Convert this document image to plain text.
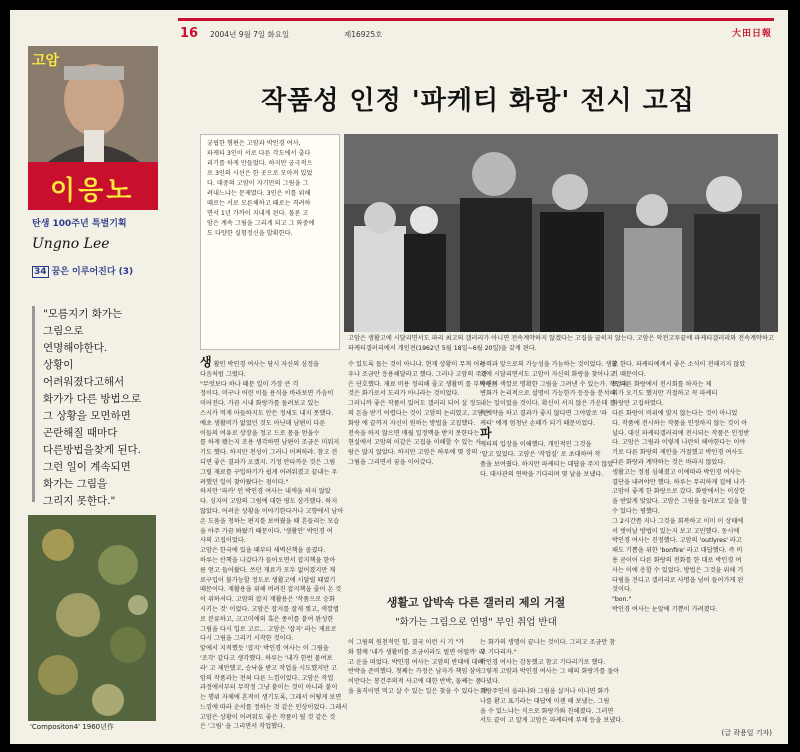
16 2004년 9월 7일 화요일	제16925호	大田日報
고암
이응노
탄생 100주년 특별기획
Ungno Lee
34 꿈은 이루어진다 (3)
"모름지기 화가는
그림으로
연명해야한다.
상황이
어려워졌다고해서
화가가 다른 방법으로
그 상황을 모면하면
곤란해질 때마다
다른방법을찾게 된다.
그런 일이 계속되면
화가는 그림을
그리지 못한다."
'Compositon4' 1960년作
작품성 인정 '파케티 화랑' 전시 고집
궁핍한 형편은 고암과 박인경 여사,
파케티 3인이 서로 다른 각도에서 출다
리기를 하게 만들었다. 하지만 궁극적으
로 3인의 시선은 한 곳으로 모아져 있었
다. 대중의 고암이 자기만의 그림을 그
려내느냐는 문제였다. 3인은 이를 위해
때로는 서로 모른체하고 때로는 격려하
면서 1년 가까이 지내게 된다. 물론 고
암은 계속 그림을 그리게 되고 그 와중에
도 다양한 실험정신을 발휘한다.
고암은 생활고에 시달리면서도 파리 최고의 갤러리가 아니면 전속계약하지 않겠다는 고집을 굽히지 않는다. 고암은 악전고투끝에 파케티갤러리와 전속계약하고 파케티갤러리에서 개인전(1962년 5월 18일~6월 20일)을 갖게 된다.
생 활인 박인경 여사는 당시 자신의 심정을
다음처럼 그렸다.
"무엇보다 하나 때문 일이 가장 큰 걱
정이다. 미구나 어린 이들 용식을 바라보면 가슴이
미어진다. 가끔 시내 화랑가를 돌려보고 있는
스시카 먹게 아들하지도 안든 정세도 내지 못했다.
예초 생활비가 없었던 것도 아닌데 남편이 다른
이들의 여유로 상장을 정고 드로 몸을 얻을수
를 하게 됐는지 조용 생각하면 남편이 조금은 미워지
기도 했다. 하지만 천성이 그러니 어쩌하랴. 참고 견
디면 좋은 결과가 오겠지. 기정 안타까운 것은 그림
그릴 재료를 구입하기가 쉽게 어려워졌고 끝내는 우
려했던 일이 찾아왔다는 점이다."
하지만 '파카' 인 박인경 여사는 내색을 하지 않았
다. 싱지어 고암의 그림에 대한 평도 삼가했다. 하지
않았다. 어려운 상황을 이야기한다거나 고향에서 남아
온 도움을 청하는 편지를 보여줬을 때 흔들리는 모습
을 아주 가끔 봐왔기 때문이다. '생활인' 박인경 여
사의 고집이었다.
고암은 한국에 있을 때부터 새벽산책을 즐겼다.
하루는 산책을 나갔다가 들어오면서 잡지책을 한아
름 얻고 들어왔다. 쓰던 재료가 모두 없어졌지만 재
료구입이 불가능할 정도로 생활고에 시달릴 때였기
때문이다. 재활용을 위해 버려진 잡지책을 줄어 온 것
이 위하셔다. 고암의 잡지 재활용은 '작품으로 승화
시키는 것' 이었다. 고암은 잡지를 잘게 찢고, 색깔별
로 분류하고, 크고미에의 혹은 종이를 붙여 완성한
그림을 다시 입로 고르... 고암은 '잡지' 라는 재료로
다시 그림을 그리기 시작한 것이다.
앞에서 지적했듯 '잡지' 박인경 여사는 이 그림을
'조각' 같다고 생각했다. 하루는 '내가 한번 붙여보
라' 고 제안했고, 승낙을 받고 작업을 시도했지만 고
암의 작품과는 전혀 다른 느낌이었다. 고암은 작업
과정에서부터 무작정 그냥 붙이는 것이 아니라 붙이
는 행위 자체에 흔적이 생기도록, 그래서 어떻게 보면
느낌에 따라 순서를 정하는 것 같은 인상이었다. 그래서
고암은 상황이 어려워도 좋은 작품이 될 것 같은 것
은 '그림' 을 그리면서 작업했다.
수 있도록 돕는 것이 아니냐. 현재 상황이 무척 어려
우나 조금만 응용해달라고 했다. 그러나 고암의 주장
은 단호했다. 재료 비용 정리해 줄고 생활비 를 부탁하는
것은 화가로서 도리가 아니라는 것이었다.
그러니까 좋은 작품이 있어도 갤러리 되어 살 정도
의 돈을 받기 어렵다는 것이 고암의 논리였고, 고암은
화랑 에 끝까지 자신이 원하는 방법을 고집했다.
전속을 하지 않으면 매월 일정액을 받지 못한다는
현실에서 고암의 이같은 고집을 이해할 수 있는 사
람은 많지 않았다. 하지만 고암은 하루에 몇 장의
그림을 그리면서 꿈을 이어갔다.
능력과 앞으로의 가능성을 가늠하는 것이었다. 생활
고에 시달리면서도 고암이 자신의 화랑을 찾아나고
자신의 색깔로 명확한 그림을 그려낸 수 있는가. 작업의
변화가 논리적으로 설명이 가능한가 등등을 분석해
내는 일이었을 것이다. 확신이 서지 않은 가운데 전
속계약을 하고 결과가 좋지 않다면 그야말로 '파
케티' 에게 엄청난 손해가 되기 때문이었다.
파
케티의 입장을 이해했다. 개인적인 그것을
'알고 있었다. 고암은 '작업실' 로 초대하여 작
품을 보여줬다. 하지만 파케티는 대답을 주지 않았
다. 대사관의 연락을 기다리며 몇 날을 보냈다.
생활고 압박속 다른 갤러리 제의 거절
"화가는 그림으로 연명" 부인 취업 반대
이 그림의 원천적인 힘, 결국 이런 시 기 "가
와 함께 '내가 생활비를 조금이라도 벌면 어떨까' 라
고 운을 떠었다. 박인경 여사는 고암의 반대에 대해
반박을 준비했다. 첫째는 가정은 남자가 책임 삼아
이만다는 봉건주의적 사고에 대한 반박, 둘째는 몸
을 움직이면 먹고 살 수 있는 일은 찾을 수 있다는 것.
는 화가의 생명이 끝나는 것이다. 그리고 조금만 참
고 기다리자."
박인경 여사는 감동했고 참고 기다리기로 했다.
그렇게 고암과 박인경 여사는 그 해의 화랑가를 돌아
다녔다.
화랑주인이 올라나와 그림을 살거나 이니면 화가
나를 환고 표기라는 대답에 이젠 해 보냈는. 그림
을 수 있느냐는 식으로 화랑가와 친해졌다. 그러면
서도 끝이 고 알게 고암은 파케티에 부채 등을 보냈다.
고 한다. 파케티에게서 좋은 소식이 전해지지 않았
기 때문이다.
또 다른 화랑에서 전시회를 하자는 제
의가 오기도 했지만 거절하고 꼭 파케티
화랑만 고집하였다.
다른 화랑이 비위에 맞지 않는다는 것이 아니었
다. 작품에 전시하는 작품을 인정하지 않는 것이 아
닐다. 대신 파케티갤러리에 전시되는 작품은 인정받
다. 고암은 그림과 이렇게 나란히 해야한다는 이야
기로 다른 화랑의 제안을 거절했고 박인경 여사도
다른 화랑과 계약하는 것은 바라지 않았다.
생활고는 정점 심해졌고 이에따라 박인경 여사는
결단을 내려야만 했다. 하루는 무리하게 집에 나가
고암이 좋게 한 화랑으로 갔다. 화랑에서는 이상한
을 받았게 맞았다. 고암은 그림을 들러보고 일을 할
수 있다는 평했다.
그 2시간쯤 지나 그것을 회복하고 이미 이 상태에
서 벗어날 방법이 있는지 보고 고민했다. 동시에
박인경 여사는 진정했다. 고암의 'outlyres' 라고
해도 기쁨을 위한 'bonfire' 라고 대답했다. 즉 비
용 곧이어 다른 화랑의 전화를 한 대로 박인경 여
사는 이에 응할 수 있었다. 방법은 그것을 위해 기
다림을 견디고 갤러리로 사명을 넘어 들어가게 된
것이다.
"bon."
박인경 여사는 눈앞에 기쁨이 가려졌다.
(글 곽용일 기자)
